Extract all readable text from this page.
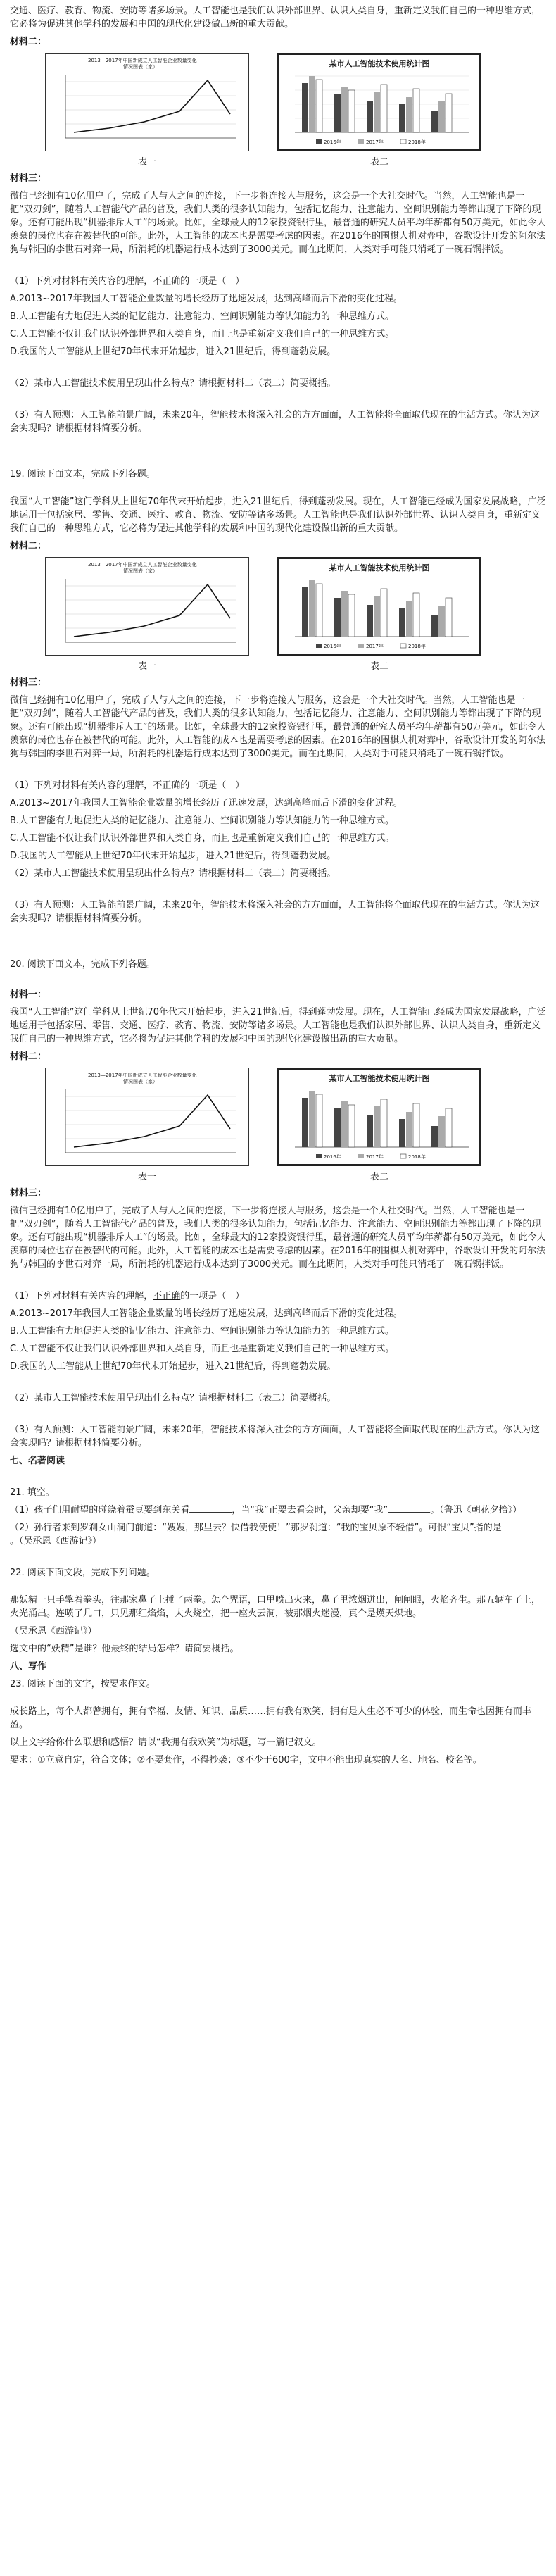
交通、医疗、教育、物流、安防等诸多场景。人工智能也是我们认识外部世界、认识人类自身，重新定义我们自己的一种思维方式，它必将为促进其他学科的发展和中国的现代化建设做出新的重大贡献。

材料二：

2013—2017年中国新成立人工智能企业数量变化
情况图表（家）
表一
某市人工智能技术使用统计图
2016年	2017年	2018年
表二

材料三：

微信已经拥有10亿用户了，完成了人与人之间的连接，下一步将连接人与服务，这会是一个大社交时代。当然，人工智能也是一把“双刃剑”，随着人工智能代产品的普及，我们人类的很多认知能力，包括记忆能力、注意能力、空间识别能力等都出现了下降的现象。还有可能出现“机器排斥人工”的场景。比如，全球最大的12家投资银行里，最普通的研究人员平均年薪都有50万美元，如此令人羡慕的岗位也存在被替代的可能。此外，人工智能的成本也是需要考虑的因素。在2016年的围棋人机对弈中，谷歌设计开发的阿尔法狗与韩国的李世石对弈一局，所消耗的机器运行成本达到了3000美元。而在此期间，人类对手可能只消耗了一碗石锅拌饭。

（1）下列对材料有关内容的理解，不正确的一项是（　）

A.2013~2017年我国人工智能企业数量的增长经历了迅速发展，达到高峰而后下滑的变化过程。

B.人工智能有力地促进人类的记忆能力、注意能力、空间识别能力等认知能力的一种思维方式。

C.人工智能不仅让我们认识外部世界和人类自身，而且也是重新定义我们自己的一种思维方式。

D.我国的人工智能从上世纪70年代末开始起步，进入21世纪后，得到蓬勃发展。

（2）某市人工智能技术使用呈现出什么特点？请根据材料二（表二）简要概括。

（3）有人预测：人工智能前景广阔，未来20年，智能技术将深入社会的方方面面，人工智能将全面取代现在的生活方式。你认为这会实现吗？请根据材料简要分析。

19. 阅读下面文本，完成下列各题。

我国“人工智能”这门学科从上世纪70年代末开始起步，进入21世纪后，得到蓬勃发展。现在，人工智能已经成为国家发展战略，广泛地运用于包括家居、零售、交通、医疗、教育、物流、安防等诸多场景。人工智能也是我们认识外部世界、认识人类自身，重新定义我们自己的一种思维方式，它必将为促进其他学科的发展和中国的现代化建设做出新的重大贡献。

材料二：

2013—2017年中国新成立人工智能企业数量变化
情况图表（家）
表一
某市人工智能技术使用统计图
2016年	2017年	2018年
表二

材料三：

微信已经拥有10亿用户了，完成了人与人之间的连接，下一步将连接人与服务，这会是一个大社交时代。当然，人工智能也是一把“双刃剑”，随着人工智能代产品的普及，我们人类的很多认知能力，包括记忆能力、注意能力、空间识别能力等都出现了下降的现象。还有可能出现“机器排斥人工”的场景。比如，全球最大的12家投资银行里，最普通的研究人员平均年薪都有50万美元，如此令人羡慕的岗位也存在被替代的可能。此外，人工智能的成本也是需要考虑的因素。在2016年的围棋人机对弈中，谷歌设计开发的阿尔法狗与韩国的李世石对弈一局，所消耗的机器运行成本达到了3000美元。而在此期间，人类对手可能只消耗了一碗石锅拌饭。

（1）下列对材料有关内容的理解，不正确的一项是（　）

A.2013~2017年我国人工智能企业数量的增长经历了迅速发展，达到高峰而后下滑的变化过程。

B.人工智能有力地促进人类的记忆能力、注意能力、空间识别能力等认知能力的一种思维方式。

C.人工智能不仅让我们认识外部世界和人类自身，而且也是重新定义我们自己的一种思维方式。

D.我国的人工智能从上世纪70年代末开始起步，进入21世纪后，得到蓬勃发展。

（2）某市人工智能技术使用呈现出什么特点？请根据材料二（表二）简要概括。

（3）有人预测：人工智能前景广阔，未来20年，智能技术将深入社会的方方面面，人工智能将全面取代现在的生活方式。你认为这会实现吗？请根据材料简要分析。

20. 阅读下面文本，完成下列各题。

材料一：

我国“人工智能”这门学科从上世纪70年代末开始起步，进入21世纪后，得到蓬勃发展。现在，人工智能已经成为国家发展战略，广泛地运用于包括家居、零售、交通、医疗、教育、物流、安防等诸多场景。人工智能也是我们认识外部世界、认识人类自身，重新定义我们自己的一种思维方式，它必将为促进其他学科的发展和中国的现代化建设做出新的重大贡献。

材料二：

2013—2017年中国新成立人工智能企业数量变化
情况图表（家）
表一
某市人工智能技术使用统计图
2016年	2017年	2018年
表二

材料三：

微信已经拥有10亿用户了，完成了人与人之间的连接，下一步将连接人与服务，这会是一个大社交时代。当然，人工智能也是一把“双刃剑”，随着人工智能代产品的普及，我们人类的很多认知能力，包括记忆能力、注意能力、空间识别能力等都出现了下降的现象。还有可能出现“机器排斥人工”的场景。比如，全球最大的12家投资银行里，最普通的研究人员平均年薪都有50万美元，如此令人羡慕的岗位也存在被替代的可能。此外，人工智能的成本也是需要考虑的因素。在2016年的围棋人机对弈中，谷歌设计开发的阿尔法狗与韩国的李世石对弈一局，所消耗的机器运行成本达到了3000美元。而在此期间，人类对手可能只消耗了一碗石锅拌饭。

（1）下列对材料有关内容的理解，不正确的一项是（　）

A.2013~2017年我国人工智能企业数量的增长经历了迅速发展，达到高峰而后下滑的变化过程。

B.人工智能有力地促进人类的记忆能力、注意能力、空间识别能力等认知能力的一种思维方式。

C.人工智能不仅让我们认识外部世界和人类自身，而且也是重新定义我们自己的一种思维方式。

D.我国的人工智能从上世纪70年代末开始起步，进入21世纪后，得到蓬勃发展。

（2）某市人工智能技术使用呈现出什么特点？请根据材料二（表二）简要概括。

（3）有人预测：人工智能前景广阔，未来20年，智能技术将深入社会的方方面面，人工智能将全面取代现在的生活方式。你认为这会实现吗？请根据材料简要分析。

七、名著阅读

21. 填空。

（1）孩子们用耐望的碰绕着蚕豆要到东关看	，当“我”正要去看会时，父亲却要“我”	。（鲁迅《朝花夕拾》）

（2）孙行者来到罗刹女山洞门前道：“嫂嫂，那里去？快借我使使！”那罗刹道：“我的宝贝原不轻借”。可恨“宝贝”指的是。（吴承恩《西游记》）

22. 阅读下面文段，完成下列问题。

那妖精一只手擎着拳头，往那家鼻子上捶了两拳。怎个咒语，口里喷出火来，鼻子里浓烟迸出，闸闸眼，火焰齐生。那五辆车子上，火光涌出。连喷了几口，只见那红焰焰，大火烧空，把一座火云洞，被那烟火迷漫，真个是熯天炽地。

（吴承恩《西游记》）

选文中的“妖精”是谁？他最终的结局怎样？请简要概括。

八、写作

23. 阅读下面的文字，按要求作文。

成长路上，每个人都曾拥有，拥有幸福、友情、知识、品质……拥有我有欢笑，拥有是人生必不可少的体验，而生命也因拥有而丰盈。

以上文字给你什么联想和感悟？请以“我拥有我欢笑”为标题，写一篇记叙文。

要求：①立意自定，符合文体；②不要套作，不得抄袭；③不少于600字，文中不能出现真实的人名、地名、校名等。
